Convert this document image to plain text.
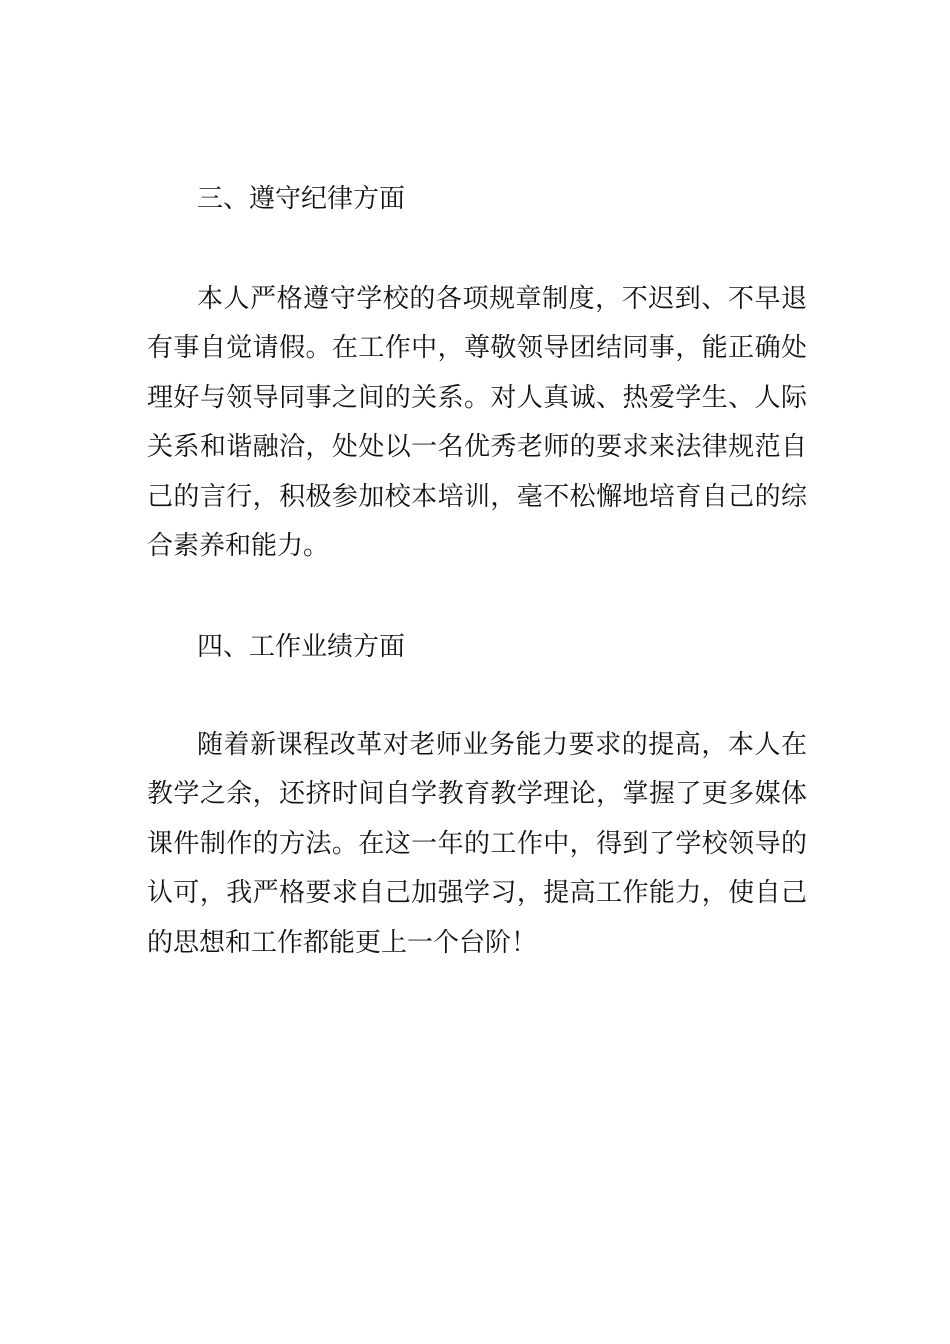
三、遵守纪律方面
本人严格遵守学校的各项规章制度，不迟到、不早退
有事自觉请假。在工作中，尊敬领导团结同事，能正确处
理好与领导同事之间的关系。对人真诚、热爱学生、人际
关系和谐融洽，处处以一名优秀老师的要求来法律规范自
己的言行，积极参加校本培训，毫不松懈地培育自己的综
合素养和能力。
四、工作业绩方面
随着新课程改革对老师业务能力要求的提高，本人在
教学之余，还挤时间自学教育教学理论，掌握了更多媒体
课件制作的方法。在这一年的工作中，得到了学校领导的
认可，我严格要求自己加强学习，提高工作能力，使自己
的思想和工作都能更上一个台阶！
